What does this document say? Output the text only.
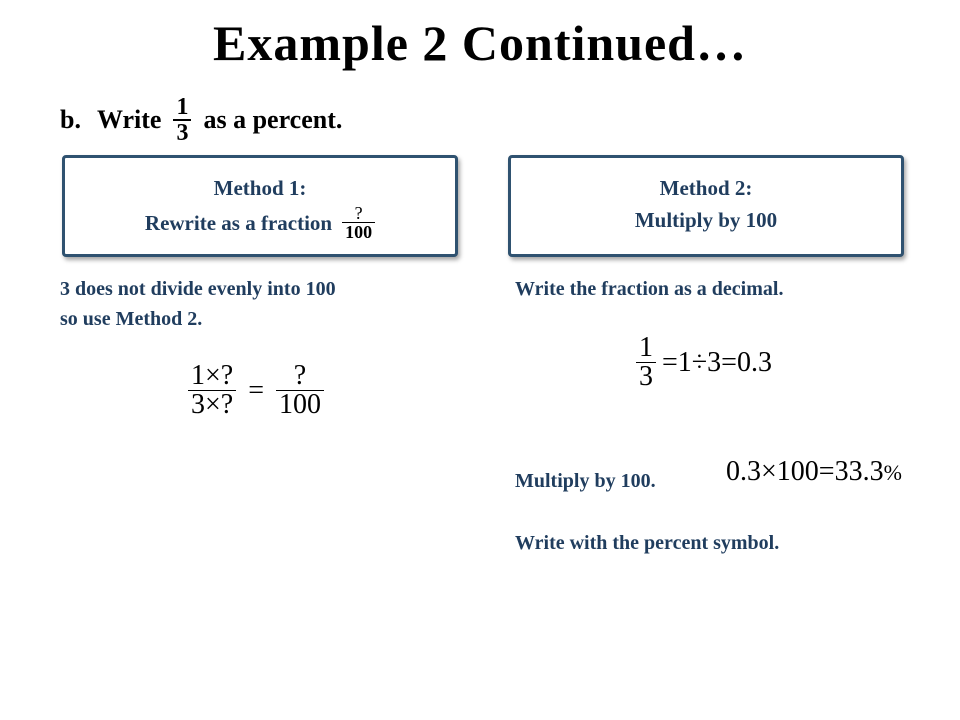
Example 2 Continued…
b. Write $\frac{1}{3}$ as a percent.
Method 1:
Rewrite as a fraction $\frac{?}{100}$
Method 2:
Multiply by 100
3 does not divide evenly into 100
so use Method 2.
$\frac{1\times?}{3\times?} = \frac{?}{100}$
Write the fraction as a decimal.
$\frac{1}{3} =1\div 3=0.3$
Multiply by 100.	0.3×100=33.3%
Write with the percent symbol.
